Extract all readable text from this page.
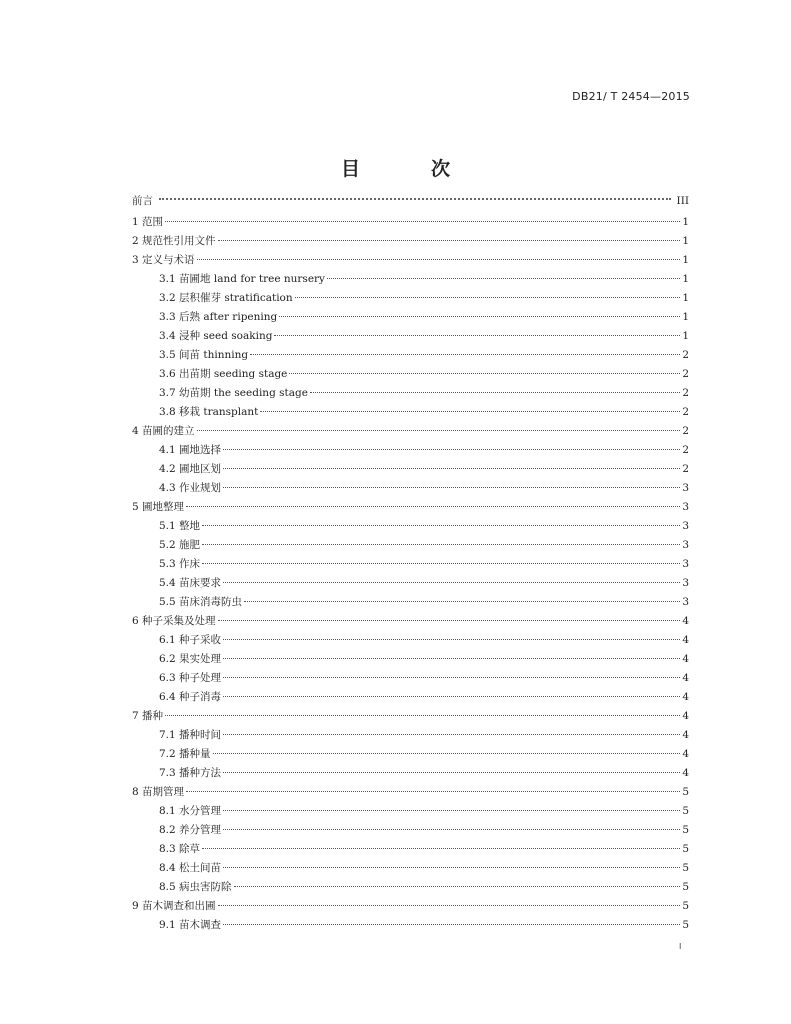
DB21/ T 2454—2015
目　次
前言	III
1 范围	1
2 规范性引用文件	1
3 定义与术语	1
3.1 苗圃地 land for tree nursery	1
3.2 层积催芽 stratification	1
3.3 后熟 after ripening	1
3.4 浸种 seed soaking	1
3.5 间苗 thinning	2
3.6 出苗期 seeding stage	2
3.7 幼苗期 the seeding stage	2
3.8 移栽 transplant	2
4 苗圃的建立	2
4.1 圃地选择	2
4.2 圃地区划	2
4.3 作业规划	3
5 圃地整理	3
5.1 整地	3
5.2 施肥	3
5.3 作床	3
5.4 苗床要求	3
5.5 苗床消毒防虫	3
6 种子采集及处理	4
6.1 种子采收	4
6.2 果实处理	4
6.3 种子处理	4
6.4 种子消毒	4
7 播种	4
7.1 播种时间	4
7.2 播种量	4
7.3 播种方法	4
8 苗期管理	5
8.1 水分管理	5
8.2 养分管理	5
8.3 除草	5
8.4 松土间苗	5
8.5 病虫害防除	5
9 苗木调查和出圃	5
9.1 苗木调查	5
I
